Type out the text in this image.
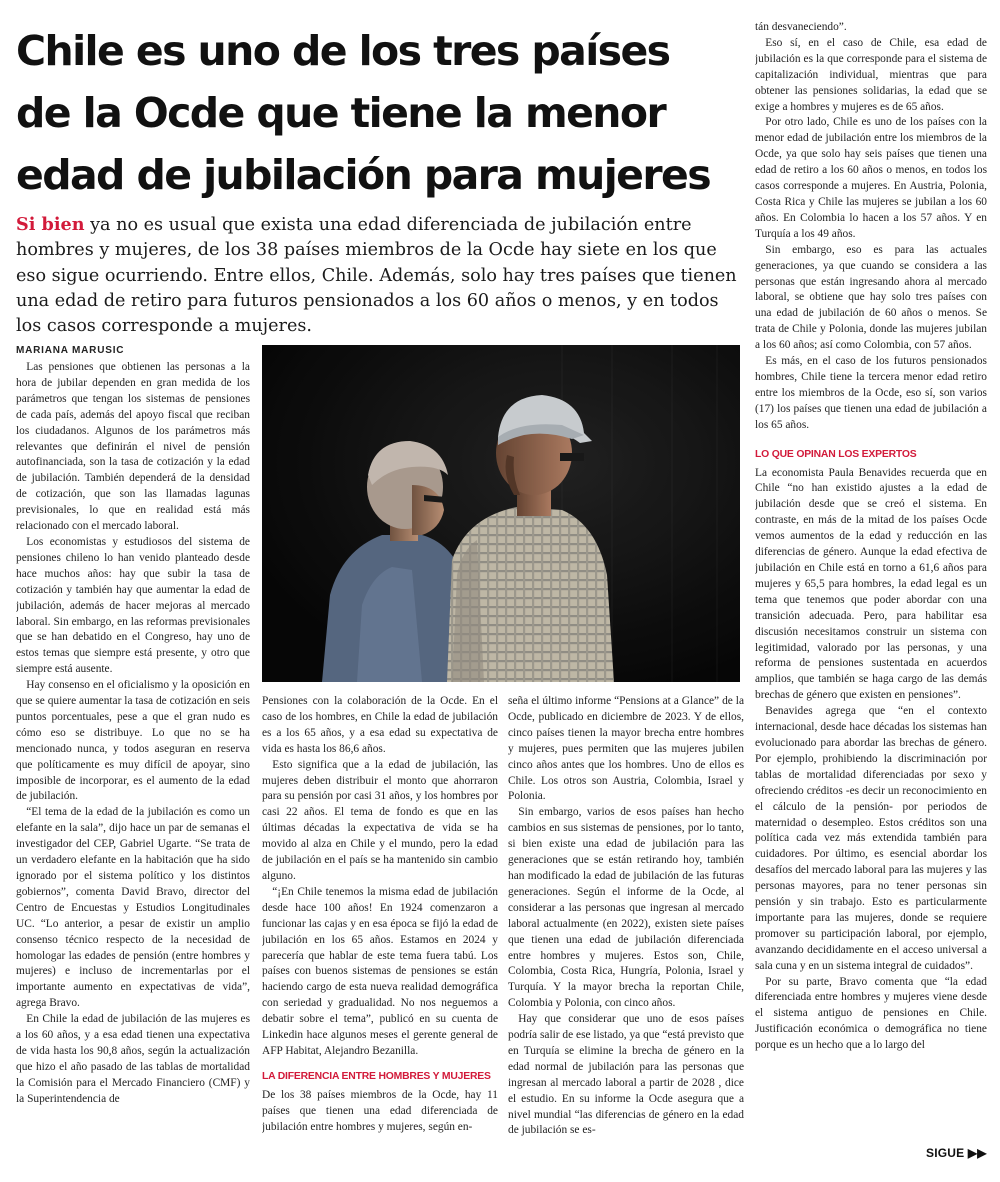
Chile es uno de los tres países de la Ocde que tiene la menor edad de jubilación para mujeres

Si bien ya no es usual que exista una edad diferenciada de jubilación entre hombres y mujeres, de los 38 países miembros de la Ocde hay siete en los que eso sigue ocurriendo. Entre ellos, Chile. Además, solo hay tres países que tienen una edad de retiro para futuros pensionados a los 60 años o menos, y en todos los casos corresponde a mujeres.

MARIANA MARUSIC

Las pensiones que obtienen las personas a la hora de jubilar dependen en gran medida de los parámetros que tengan los sistemas de pensiones de cada país, además del apoyo fiscal que reciban los ciudadanos. Algunos de los parámetros más relevantes que definirán el nivel de pensión autofinanciada, son la tasa de cotización y la edad de jubilación. También dependerá de la densidad de cotización, que son las llamadas lagunas previsionales, lo que en realidad está más relacionado con el mercado laboral.

Los economistas y estudiosos del sistema de pensiones chileno lo han venido planteado desde hace muchos años: hay que subir la tasa de cotización y también hay que aumentar la edad de jubilación, además de hacer mejoras al mercado laboral. Sin embargo, en las reformas previsionales que se han debatido en el Congreso, hay uno de estos temas que siempre está presente, y otro que siempre está ausente.

Hay consenso en el oficialismo y la oposición en que se quiere aumentar la tasa de cotización en seis puntos porcentuales, pese a que el gran nudo es cómo eso se distribuye. Lo que no se ha mencionado nunca, y todos aseguran en reserva que políticamente es muy difícil de apoyar, sino imposible de incorporar, es el aumento de la edad de jubilación.

“El tema de la edad de la jubilación es como un elefante en la sala”, dijo hace un par de semanas el investigador del CEP, Gabriel Ugarte. “Se trata de un verdadero elefante en la habitación que ha sido ignorado por el sistema político y los distintos gobiernos”, comenta David Bravo, director del Centro de Encuestas y Estudios Longitudinales UC. “Lo anterior, a pesar de existir un amplio consenso técnico respecto de la necesidad de homologar las edades de pensión (entre hombres y mujeres) e incluso de incrementarlas por el importante aumento en expectativas de vida”, agrega Bravo.

En Chile la edad de jubilación de las mujeres es a los 60 años, y a esa edad tienen una expectativa de vida hasta los 90,8 años, según la actualización que hizo el año pasado de las tablas de mortalidad la Comisión para el Mercado Financiero (CMF) y la Superintendencia de

Pensiones con la colaboración de la Ocde. En el caso de los hombres, en Chile la edad de jubilación es a los 65 años, y a esa edad su expectativa de vida es hasta los 86,6 años.

Esto significa que a la edad de jubilación, las mujeres deben distribuir el monto que ahorraron para su pensión por casi 31 años, y los hombres por casi 22 años. El tema de fondo es que en las últimas décadas la expectativa de vida se ha movido al alza en Chile y el mundo, pero la edad de jubilación en el país se ha mantenido sin cambio alguno.

“¡En Chile tenemos la misma edad de jubilación desde hace 100 años! En 1924 comenzaron a funcionar las cajas y en esa época se fijó la edad de jubilación en los 65 años. Estamos en 2024 y parecería que hablar de este tema fuera tabú. Los países con buenos sistemas de pensiones se están haciendo cargo de esta nueva realidad demográfica con seriedad y gradualidad. No nos neguemos a debatir sobre el tema”, publicó en su cuenta de Linkedin hace algunos meses el gerente general de AFP Habitat, Alejandro Bezanilla.

LA DIFERENCIA ENTRE HOMBRES Y MUJERES

De los 38 países miembros de la Ocde, hay 11 países que tienen una edad diferenciada de jubilación entre hombres y mujeres, según en-

seña el último informe “Pensions at a Glance” de la Ocde, publicado en diciembre de 2023. Y de ellos, cinco países tienen la mayor brecha entre hombres y mujeres, pues permiten que las mujeres jubilen cinco años antes que los hombres. Uno de ellos es Chile. Los otros son Austria, Colombia, Israel y Polonia.

Sin embargo, varios de esos países han hecho cambios en sus sistemas de pensiones, por lo tanto, si bien existe una edad de jubilación para las generaciones que se están retirando hoy, también han modificado la edad de jubilación de las futuras generaciones. Según el informe de la Ocde, al considerar a las personas que ingresan al mercado laboral actualmente (en 2022), existen siete países que tienen una edad de jubilación diferenciada entre hombres y mujeres. Estos son, Chile, Colombia, Costa Rica, Hungría, Polonia, Israel y Turquía. Y la mayor brecha la reportan Chile, Colombia y Polonia, con cinco años.

Hay que considerar que uno de esos países podría salir de ese listado, ya que “está previsto que en Turquía se elimine la brecha de género en la edad normal de jubilación para las personas que ingresan al mercado laboral a partir de 2028 , dice el estudio. En su informe la Ocde asegura que a nivel mundial “las diferencias de género en la edad de jubilación se es-

tán desvaneciendo”.

Eso sí, en el caso de Chile, esa edad de jubilación es la que corresponde para el sistema de capitalización individual, mientras que para obtener las pensiones solidarias, la edad que se exige a hombres y mujeres es de 65 años.

Por otro lado, Chile es uno de los países con la menor edad de jubilación entre los miembros de la Ocde, ya que solo hay seis países que tienen una edad de retiro a los 60 años o menos, en todos los casos corresponde a mujeres. En Austria, Polonia, Costa Rica y Chile las mujeres se jubilan a los 60 años. En Colombia lo hacen a los 57 años. Y en Turquía a los 49 años.

Sin embargo, eso es para las actuales generaciones, ya que cuando se considera a las personas que están ingresando ahora al mercado laboral, se obtiene que hay solo tres países con una edad de jubilación de 60 años o menos. Se trata de Chile y Polonia, donde las mujeres jubilan a los 60 años; así como Colombia, con 57 años.

Es más, en el caso de los futuros pensionados hombres, Chile tiene la tercera menor edad retiro entre los miembros de la Ocde, eso sí, son varios (17) los países que tienen una edad de jubilación a los 65 años.

LO QUE OPINAN LOS EXPERTOS

La economista Paula Benavides recuerda que en Chile “no han existido ajustes a la edad de jubilación desde que se creó el sistema. En contraste, en más de la mitad de los países Ocde vemos aumentos de la edad y reducción en las diferencias de género. Aunque la edad efectiva de jubilación en Chile está en torno a 61,6 años para mujeres y 65,5 para hombres, la edad legal es un tema que tenemos que poder abordar con una transición adecuada. Pero, para habilitar esa discusión necesitamos construir un sistema con legitimidad, valorado por las personas, y una reforma de pensiones sustentada en acuerdos amplios, que también se haga cargo de las demás brechas de género que existen en pensiones”.

Benavides agrega que “en el contexto internacional, desde hace décadas los sistemas han evolucionado para abordar las brechas de género. Por ejemplo, prohibiendo la discriminación por tablas de mortalidad diferenciadas por sexo y ofreciendo créditos -es decir un reconocimiento en el cálculo de la pensión- por periodos de maternidad o desempleo. Estos créditos son una política cada vez más extendida también para cuidadores. Por último, es esencial abordar los desafíos del mercado laboral para las mujeres y las personas mayores, para no tener personas sin pensión y sin trabajo. Esto es particularmente importante para las mujeres, donde se requiere promover su participación laboral, por ejemplo, avanzando decididamente en el acceso universal a sala cuna y en un sistema integral de cuidados”.

Por su parte, Bravo comenta que “la edad diferenciada entre hombres y mujeres viene desde el sistema antiguo de pensiones en Chile. Justificación económica o demográfica no tiene porque es un hecho que a lo largo del

SIGUE ▶▶
